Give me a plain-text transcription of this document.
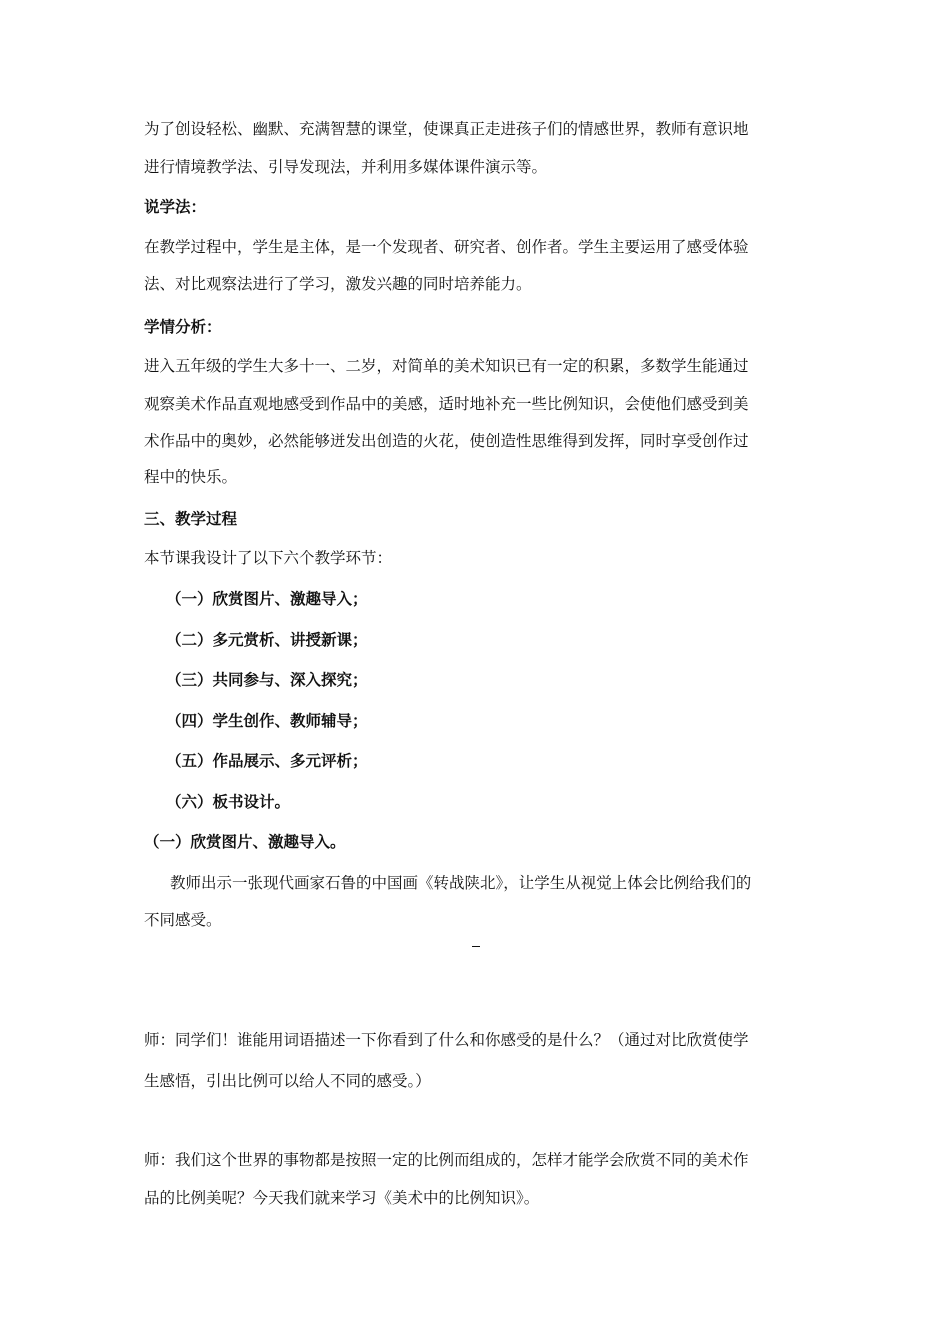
为了创设轻松、幽默、充满智慧的课堂，使课真正走进孩子们的情感世界，教师有意识地
进行情境教学法、引导发现法，并利用多媒体课件演示等。
说学法：
在教学过程中，学生是主体，是一个发现者、研究者、创作者。学生主要运用了感受体验
法、对比观察法进行了学习，激发兴趣的同时培养能力。
学情分析：
进入五年级的学生大多十一、二岁，对简单的美术知识已有一定的积累，多数学生能通过
观察美术作品直观地感受到作品中的美感，适时地补充一些比例知识，会使他们感受到美
术作品中的奥妙，必然能够迸发出创造的火花，使创造性思维得到发挥，同时享受创作过
程中的快乐。
三、教学过程
本节课我设计了以下六个教学环节：
（一）欣赏图片、激趣导入；
（二）多元赏析、讲授新课；
（三）共同参与、深入探究；
（四）学生创作、教师辅导；
（五）作品展示、多元评析；
（六）板书设计。
（一）欣赏图片、激趣导入。
教师出示一张现代画家石鲁的中国画《转战陕北》，让学生从视觉上体会比例给我们的
不同感受。
师：同学们！谁能用词语描述一下你看到了什么和你感受的是什么？（通过对比欣赏使学
生感悟，引出比例可以给人不同的感受。）
师：我们这个世界的事物都是按照一定的比例而组成的，怎样才能学会欣赏不同的美术作
品的比例美呢？今天我们就来学习《美术中的比例知识》。
